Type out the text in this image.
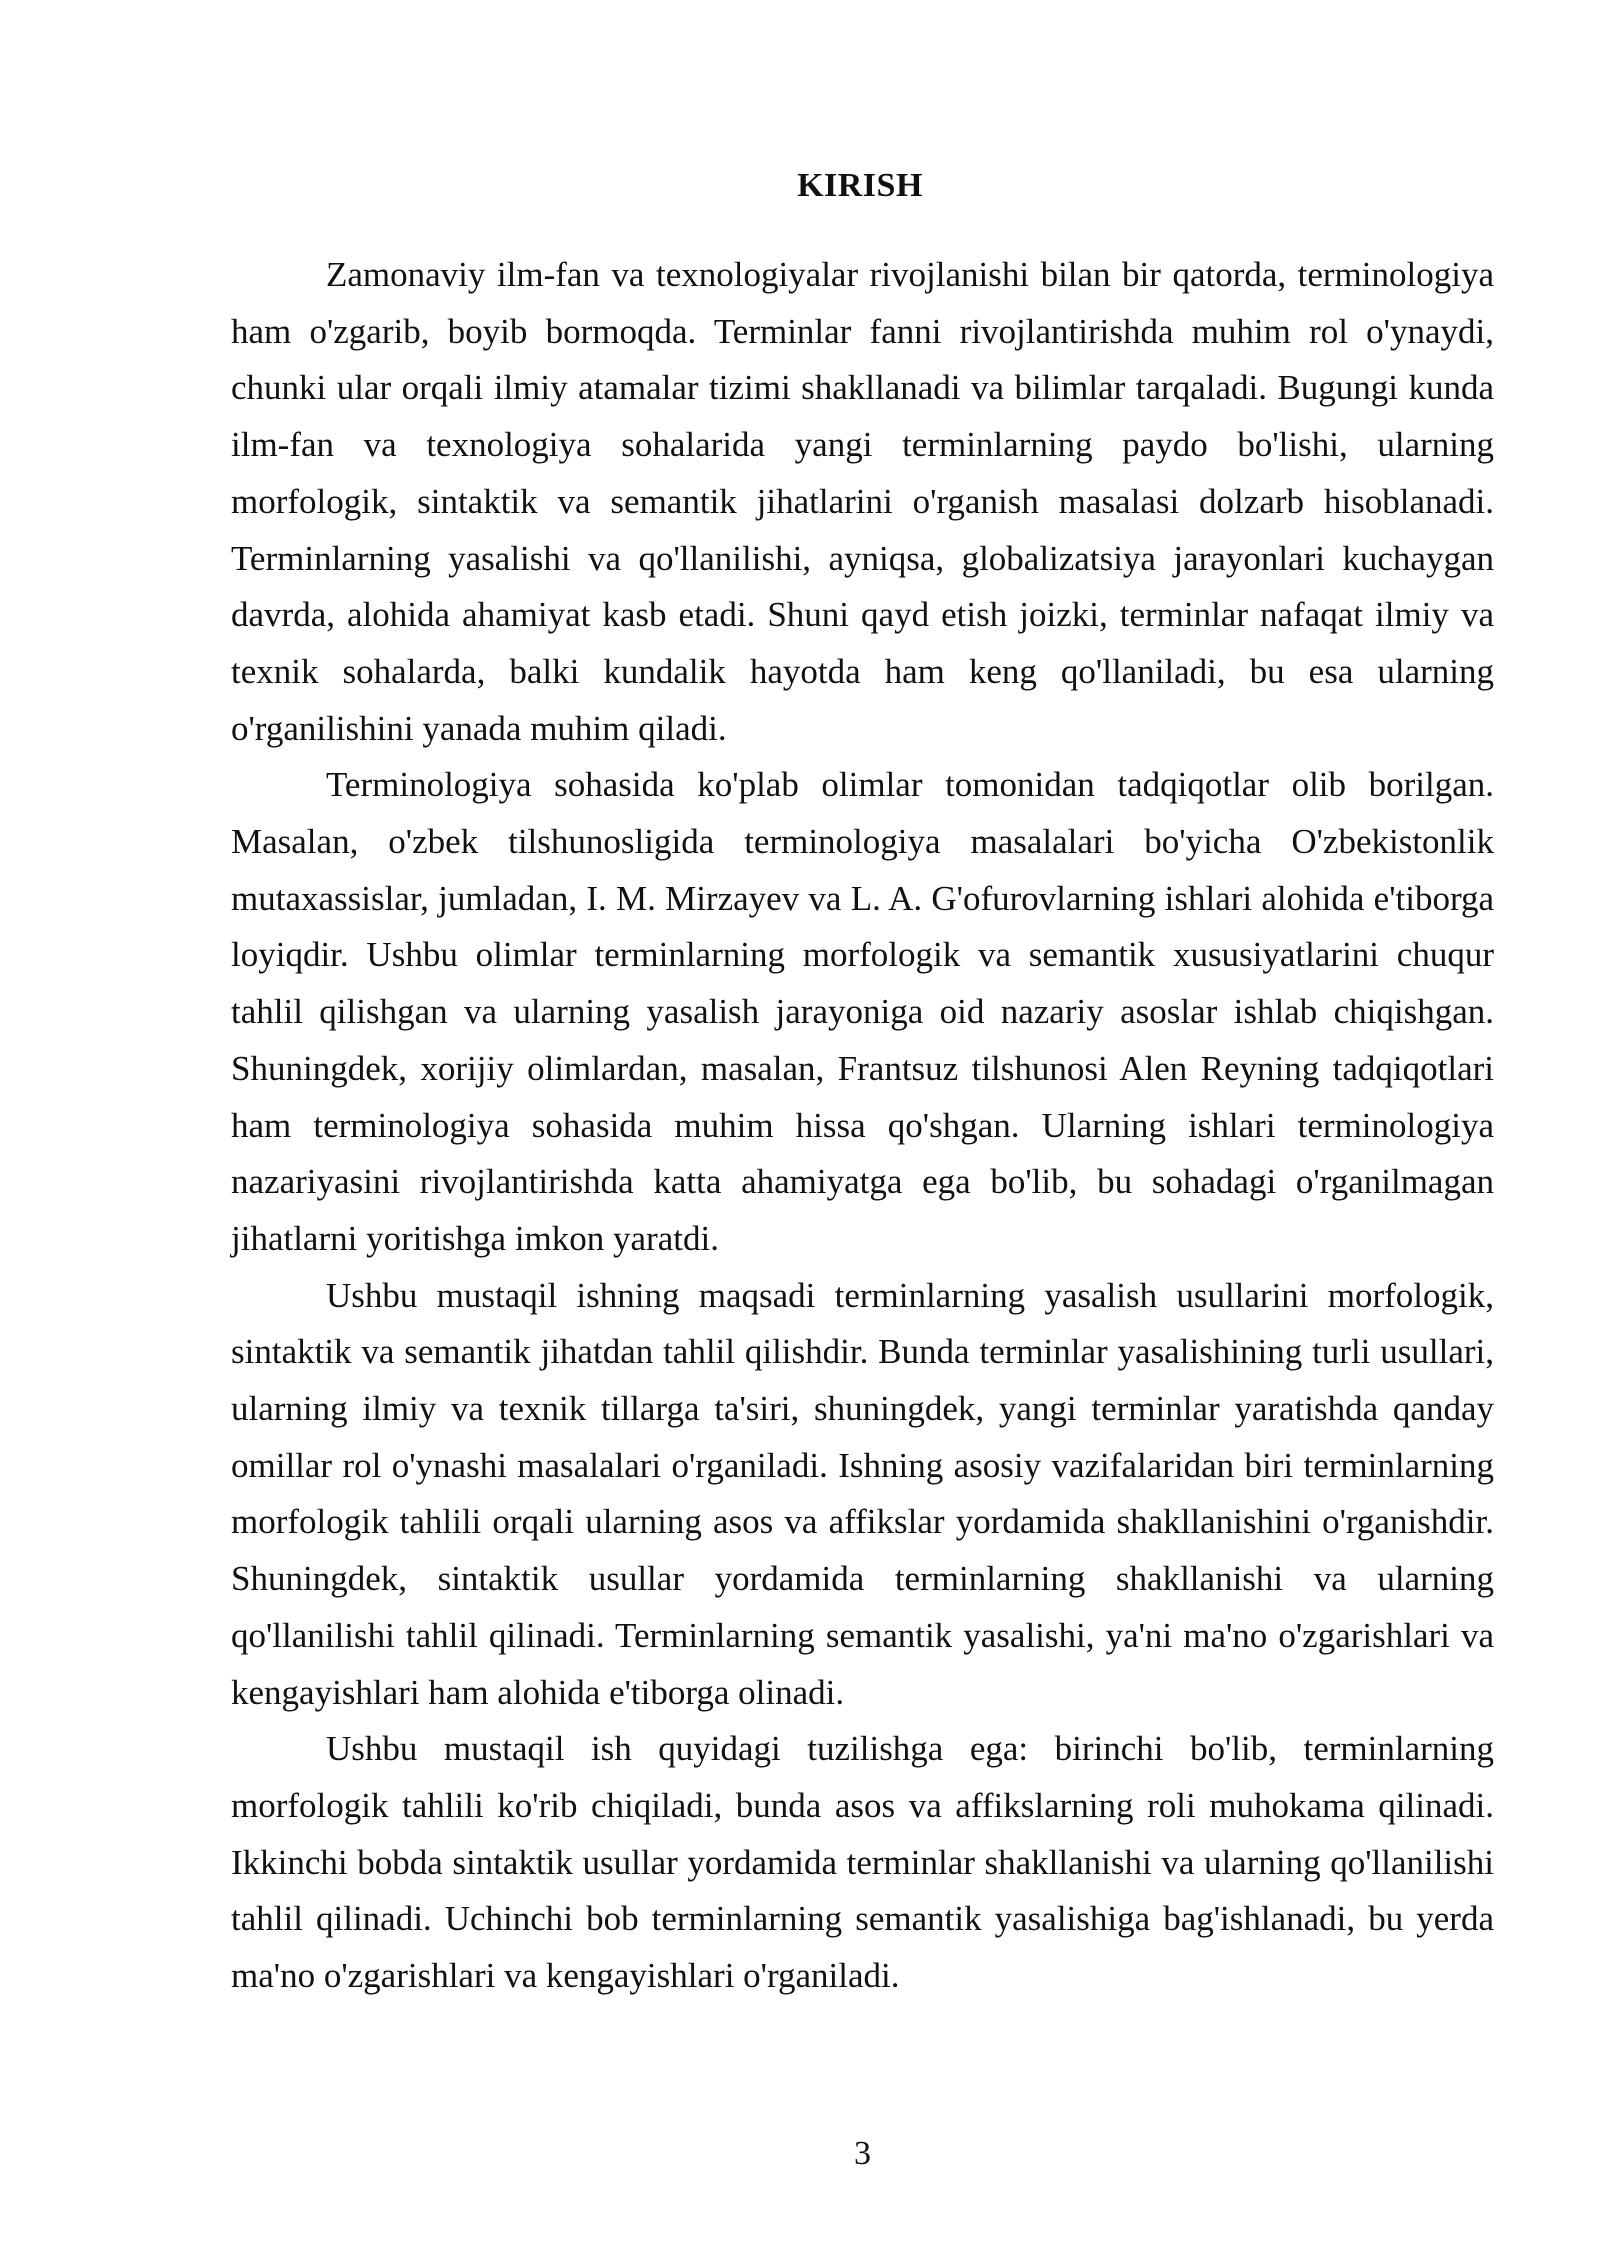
KIRISH

Zamonaviy ilm-fan va texnologiyalar rivojlanishi bilan bir qatorda, terminologiya ham o'zgarib, boyib bormoqda. Terminlar fanni rivojlantirishda muhim rol o'ynaydi, chunki ular orqali ilmiy atamalar tizimi shakllanadi va bilimlar tarqaladi. Bugungi kunda ilm-fan va texnologiya sohalarida yangi terminlarning paydo bo'lishi, ularning morfologik, sintaktik va semantik jihatlarini o'rganish masalasi dolzarb hisoblanadi. Terminlarning yasalishi va qo'llanilishi, ayniqsa, globalizatsiya jarayonlari kuchaygan davrda, alohida ahamiyat kasb etadi. Shuni qayd etish joizki, terminlar nafaqat ilmiy va texnik sohalarda, balki kundalik hayotda ham keng qo'llaniladi, bu esa ularning o'rganilishini yanada muhim qiladi.

Terminologiya sohasida ko'plab olimlar tomonidan tadqiqotlar olib borilgan. Masalan, o'zbek tilshunosligida terminologiya masalalari bo'yicha O'zbekistonlik mutaxassislar, jumladan, I. M. Mirzayev va L. A. G'ofurovlarning ishlari alohida e'tiborga loyiqdir. Ushbu olimlar terminlarning morfologik va semantik xususiyatlarini chuqur tahlil qilishgan va ularning yasalish jarayoniga oid nazariy asoslar ishlab chiqishgan. Shuningdek, xorijiy olimlardan, masalan, Frantsuz tilshunosi Alen Reyning tadqiqotlari ham terminologiya sohasida muhim hissa qo'shgan. Ularning ishlari terminologiya nazariyasini rivojlantirishda katta ahamiyatga ega bo'lib, bu sohadagi o'rganilmagan jihatlarni yoritishga imkon yaratdi.

Ushbu mustaqil ishning maqsadi terminlarning yasalish usullarini morfologik, sintaktik va semantik jihatdan tahlil qilishdir. Bunda terminlar yasalishining turli usullari, ularning ilmiy va texnik tillarga ta'siri, shuningdek, yangi terminlar yaratishda qanday omillar rol o'ynashi masalalari o'rganiladi. Ishning asosiy vazifalaridan biri terminlarning morfologik tahlili orqali ularning asos va affikslar yordamida shakllanishini o'rganishdir. Shuningdek, sintaktik usullar yordamida terminlarning shakllanishi va ularning qo'llanilishi tahlil qilinadi. Terminlarning semantik yasalishi, ya'ni ma'no o'zgarishlari va kengayishlari ham alohida e'tiborga olinadi.

Ushbu mustaqil ish quyidagi tuzilishga ega: birinchi bo'lib, terminlarning morfologik tahlili ko'rib chiqiladi, bunda asos va affikslarning roli muhokama qilinadi. Ikkinchi bobda sintaktik usullar yordamida terminlar shakllanishi va ularning qo'llanilishi tahlil qilinadi. Uchinchi bob terminlarning semantik yasalishiga bag'ishlanadi, bu yerda ma'no o'zgarishlari va kengayishlari o'rganiladi.

3
